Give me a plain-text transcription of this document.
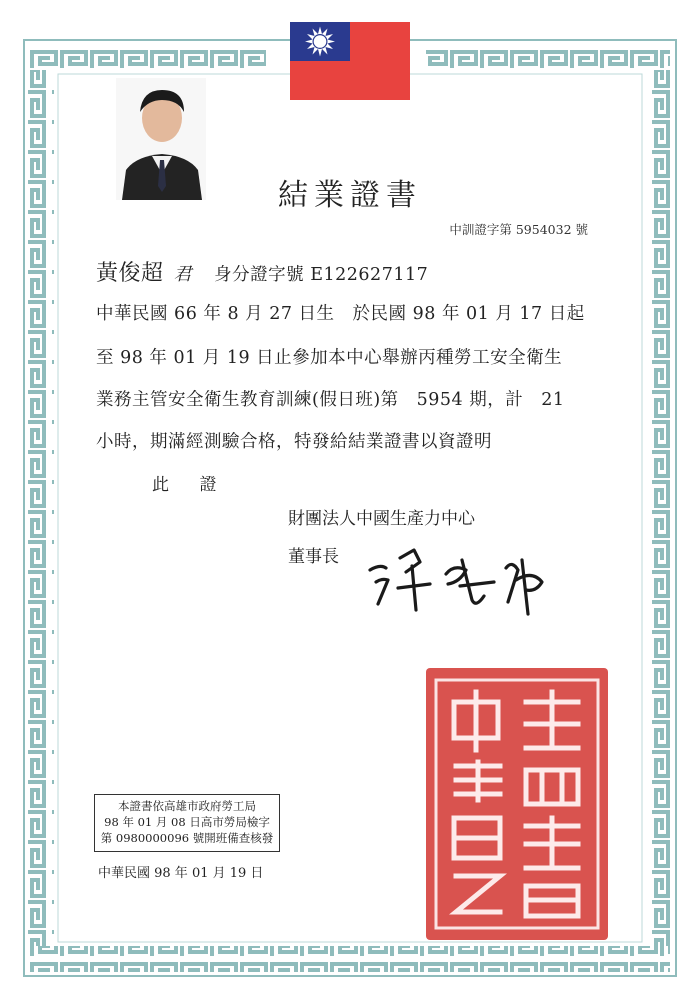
結業證書
中訓證字第 5954032 號
黃俊超 君 身分證字號 E122627117
中華民國 66 年 8 月 27 日生　於民國 98 年 01 月 17 日起
至 98 年 01 月 19 日止參加本中心舉辦丙種勞工安全衛生
業務主管安全衛生教育訓練(假日班)第　5954 期，計　21
小時，期滿經測驗合格，特發給結業證書以資證明
此 證
財團法人中國生產力中心
董事長
本證書依高雄市政府勞工局
98 年 01 月 08 日高市勞局檢字
第 0980000096 號開班備查核發
中華民國 98 年 01 月 19 日
